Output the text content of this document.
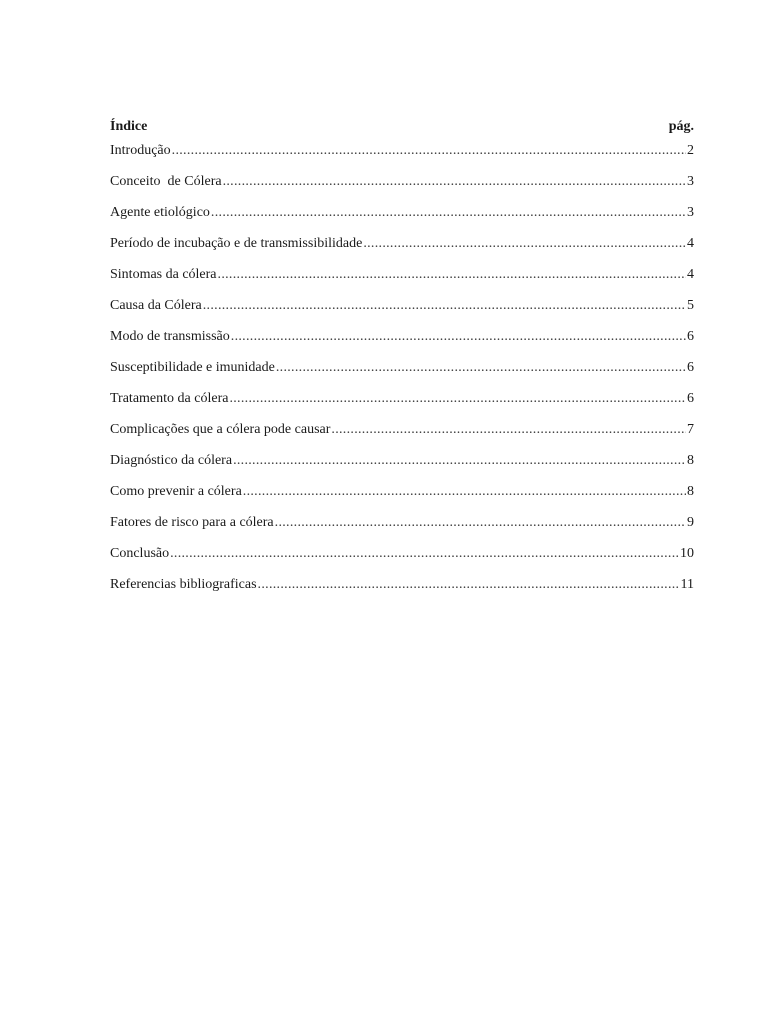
Índice	pág.
Introdução .....	2
Conceito  de Cólera .....	3
Agente etiológico .....	3
Período de incubação e de transmissibilidade .....	4
Sintomas da cólera .....	4
Causa da Cólera .....	5
Modo de transmissão .....	6
Susceptibilidade e imunidade .....	6
Tratamento da cólera .....	6
Complicações que a cólera pode causar .....	7
Diagnóstico da cólera .....	8
Como prevenir a cólera .....	8
Fatores de risco para a cólera .....	9
Conclusão .....	10
Referencias bibliograficas .....	11
